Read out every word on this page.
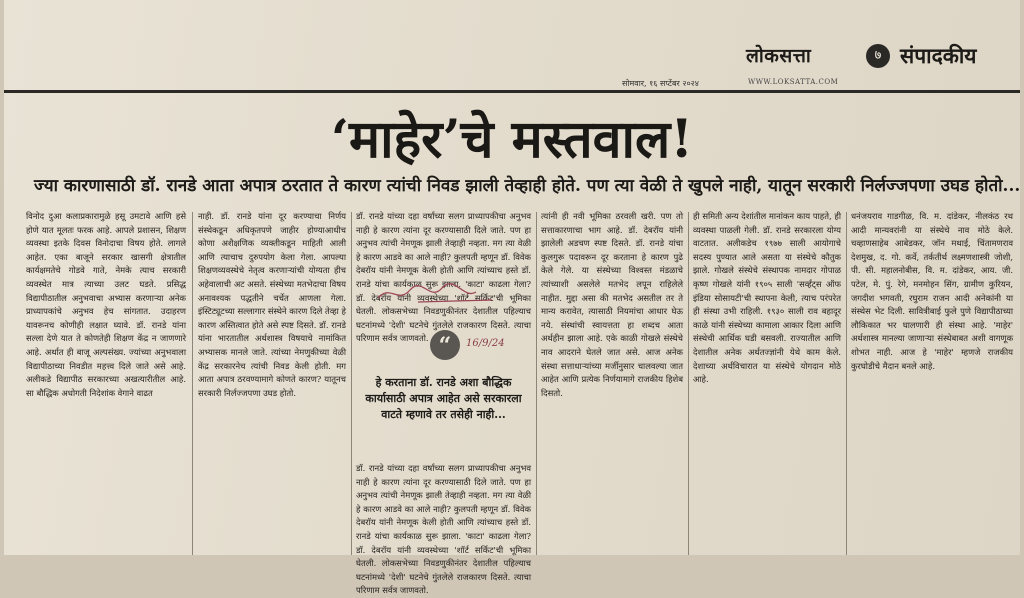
लोकसत्ता	७ संपादकीय
सोमवार, १६ सप्टेंबर २०२४	WWW.LOKSATTA.COM
‘माहेर’चे मस्तवाल!
ज्या कारणासाठी डॉ. रानडे आता अपात्र ठरतात ते कारण त्यांची निवड झाली तेव्हाही होते. पण त्या वेळी ते खुपले नाही, यातून सरकारी निर्लज्जपणा उघड होतो...
विनोद दुआ कलाप्रकारामुळे हसू उमटावे आणि हसे होणे यात मूलतः फरक आहे. आपले प्रशासन, शिक्षण व्यवस्था इतके दिवस विनोदाचा विषय होते. लागले आहेत. एका बाजूने सरकार खासगी क्षेत्रातील कार्यक्षमतेचे गोडवे गाते, नेमके त्याच सरकारी व्यवस्थेत मात्र त्याच्या उलट घडते. प्रसिद्ध विद्यापीठातील अनुभवाचा अभ्यास करणाऱ्या अनेक प्राध्यापकांचे अनुभव हेच सांगतात. उदाहरण यावरूनच कोणीही लक्षात घ्यावे. डॉ. रानडे यांना सल्ला देणे यात ते कोणतेही शिक्षण केंद्र न जाणणारे आहे. अर्थात ही बाजू अल्पसंख्य. ज्यांच्या अनुभवाला विद्यापीठाच्या निवडीत महत्त्व दिले जाते असे आहे. अलीकडे विद्यापीठ सरकारच्या अखत्यारीतील आहे. सा बौद्धिक अधोगती निदेशांक वेगाने वाढत
नाही. डॉ. रानडे यांना दूर करण्याचा निर्णय संस्थेकडून अधिकृतपणे जाहीर होण्याआधीच कोणा अशैक्षणिक व्यक्तीकडून माहिती आली आणि त्याचाच दुरुपयोग केला गेला. आपल्या शिक्षणव्यवस्थेचे नेतृत्व करणाऱ्यांची योग्यता हीच अहेवालाची अट असते. संस्थेच्या मतभेदाचा विषय अनावश्यक पद्धतीने चर्चेत आणला गेला. इंस्टिट्यूटच्या सल्लागार संस्थेने कारण दिले तेव्हा हे कारण अस्तित्वात होते असे स्पष्ट दिसते. डॉ. रानडे यांना भारतातील अर्थशास्त्र विषयाचे नामांकित अभ्यासक मानले जाते. त्यांच्या नेमणुकीच्या वेळी केंद्र सरकारनेच त्यांची निवड केली होती. मग आता अपात्र ठरवण्यामागे कोणते कारण? यातूनच सरकारी निर्लज्जपणा उघड होतो.
डॉ. रानडे यांच्या दहा वर्षांच्या सलग प्राध्यापकीचा अनुभव नाही हे कारण त्यांना दूर करण्यासाठी दिले जाते. पण हा अनुभव त्यांची नेमणूक झाली तेव्हाही नव्हता. मग त्या वेळी हे कारण आडवे का आले नाही? कुलपती म्हणून डॉ. विवेक देबरॉय यांनी नेमणूक केली होती आणि त्यांच्याच हस्ते डॉ. रानडे यांचा कार्यकाळ सुरू झाला. 'काटा' काढला गेला? डॉ. देबरॉय यांनी व्यवस्थेच्या 'शॉर्ट सर्किट'ची भूमिका घेतली. लोकसभेच्या निवडणुकीनंतर देशातील पहिल्याच घटनांमध्ये 'देशी' घटनेचे गुंतलेले राजकारण दिसते. त्याचा परिणाम सर्वत्र जाणवतो.
डॉ. रानडे यांच्या दहा वर्षांच्या सलग प्राध्यापकीचा अनुभव नाही हे कारण त्यांना दूर करण्यासाठी दिले जाते. पण हा अनुभव त्यांची नेमणूक झाली तेव्हाही नव्हता. मग त्या वेळी हे कारण आडवे का आले नाही? कुलपती म्हणून डॉ. विवेक देबरॉय यांनी नेमणूक केली होती आणि त्यांच्याच हस्ते डॉ. रानडे यांचा कार्यकाळ सुरू झाला. 'काटा' काढला गेला? डॉ. देबरॉय यांनी व्यवस्थेच्या 'शॉर्ट सर्किट'ची भूमिका घेतली. लोकसभेच्या निवडणुकीनंतर देशातील पहिल्याच घटनांमध्ये 'देशी' घटनेचे गुंतलेले राजकारण दिसते. त्याचा परिणाम सर्वत्र जाणवतो.
त्यांनी ही नवी भूमिका ठरवली खरी. पण तो सत्ताकारणाचा भाग आहे. डॉ. देबरॉय यांनी झालेली अडचण स्पष्ट दिसते. डॉ. रानडे यांचा कुलगुरू पदावरून दूर करताना हे कारण पुढे केले गेले. या संस्थेच्या विश्वस्त मंडळाचे त्यांच्याशी असलेले मतभेद लपून राहिलेले नाहीत. मुद्दा असा की मतभेद असतील तर ते मान्य करावेत, त्यासाठी नियमांचा आधार घेऊ नये. संस्थांची स्वायत्तता हा शब्दच आता अर्थहीन झाला आहे. एके काळी गोखले संस्थेचे नाव आदराने घेतले जात असे. आज अनेक संस्था सत्ताधाऱ्यांच्या मर्जीनुसार चालवल्या जात आहेत आणि प्रत्येक निर्णयामागे राजकीय हिशेब दिसतो.
ही समिती अन्य देशांतील मानांकन काय पाहते, ही व्यवस्था पाळली गेली. डॉ. रानडे सरकारला योग्य वाटतात. अलीकडेच १९७७ साली आयोगाचे सदस्य पुण्यात आले असता या संस्थेचे कौतुक झाले. गोखले संस्थेचे संस्थापक नामदार गोपाळ कृष्ण गोखले यांनी १९०५ साली 'सर्व्हंट्स ऑफ इंडिया सोसायटी'ची स्थापना केली, त्याच परंपरेत ही संस्था उभी राहिली. १९३० साली राव बहादूर काळे यांनी संस्थेच्या कामाला आकार दिला आणि संस्थेची आर्थिक घडी बसवली. राज्यातील आणि देशातील अनेक अर्थतज्ज्ञांनी येथे काम केले. देशाच्या अर्थविचारात या संस्थेचे योगदान मोठे आहे.
धनंजयराव गाडगीळ, वि. म. दांडेकर, नीलकंठ रथ आदी मान्यवरांनी या संस्थेचे नाव मोठे केले. चव्हाणसाहेब आबेडकर, जॉन मथाई, चिंतामणराव देशमुख, द. गो. कर्वे, तर्कतीर्थ लक्ष्मणशास्त्री जोशी, पी. सी. महालनोबीस, वि. म. दांडेकर, आय. जी. पटेल, मे. पुं. रेगे, मनमोहन सिंग, ग्रामीण कुरियन, जगदीश भगवती, रघुराम राजन आदी अनेकांनी या संस्थेस भेट दिली. सावित्रीबाई फुले पुणे विद्यापीठाच्या लौकिकात भर घालणारी ही संस्था आहे. 'माहेर' अर्थशास्त्र मानल्या जाणाऱ्या संस्थेबाबत अशी वागणूक शोभत नाही. आज हे 'माहेर' म्हणजे राजकीय कुरघोडीचे मैदान बनले आहे.
“	16/9/24
हे करताना डॉ. रानडे अशा बौद्धिक कार्यासाठी अपात्र आहेत असे सरकारला वाटते म्हणावे तर तसेही नाही...
